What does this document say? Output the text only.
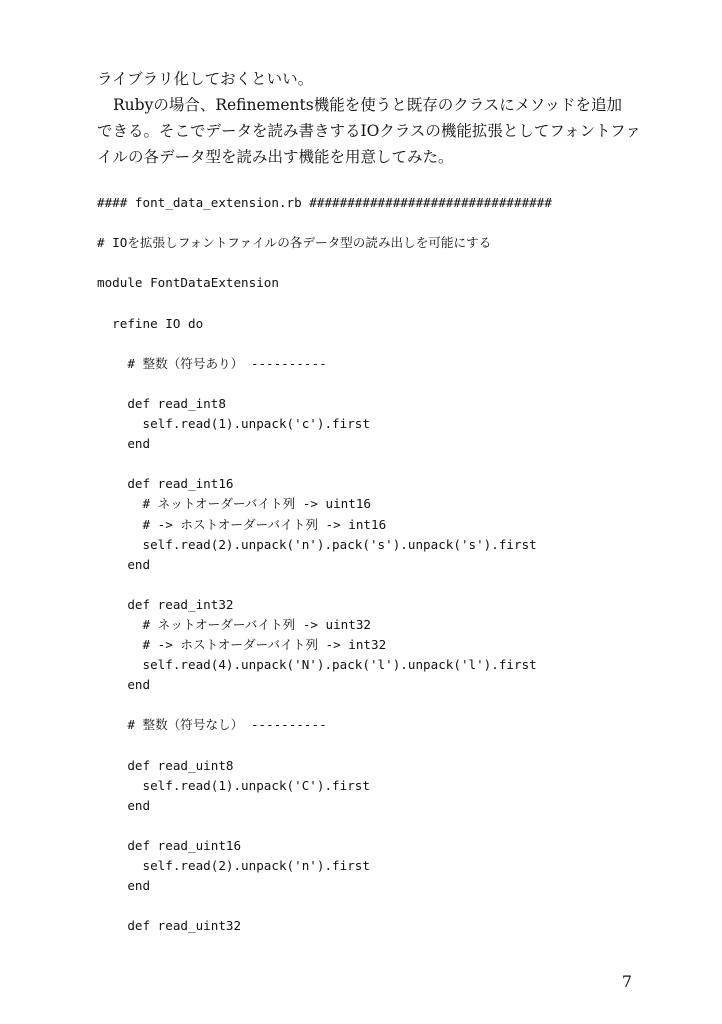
ライブラリ化しておくといい。

Rubyの場合、Refinements機能を使うと既存のクラスにメソッドを追加

できる。そこでデータを読み書きするIOクラスの機能拡張としてフォントファ

イルの各データ型を読み出す機能を用意してみた。

#### font_data_extension.rb ################################
# IOを拡張しフォントファイルの各データ型の読み出しを可能にする
module FontDataExtension
refine IO do
# 整数（符号あり） ----------
def read_int8
self.read(1).unpack('c').first
end
def read_int16
# ネットオーダーバイト列 -> uint16
# -> ホストオーダーバイト列 -> int16
self.read(2).unpack('n').pack('s').unpack('s').first
end
def read_int32
# ネットオーダーバイト列 -> uint32
# -> ホストオーダーバイト列 -> int32
self.read(4).unpack('N').pack('l').unpack('l').first
end
# 整数（符号なし） ----------
def read_uint8
self.read(1).unpack('C').first
end
def read_uint16
self.read(2).unpack('n').first
end
def read_uint32
7
